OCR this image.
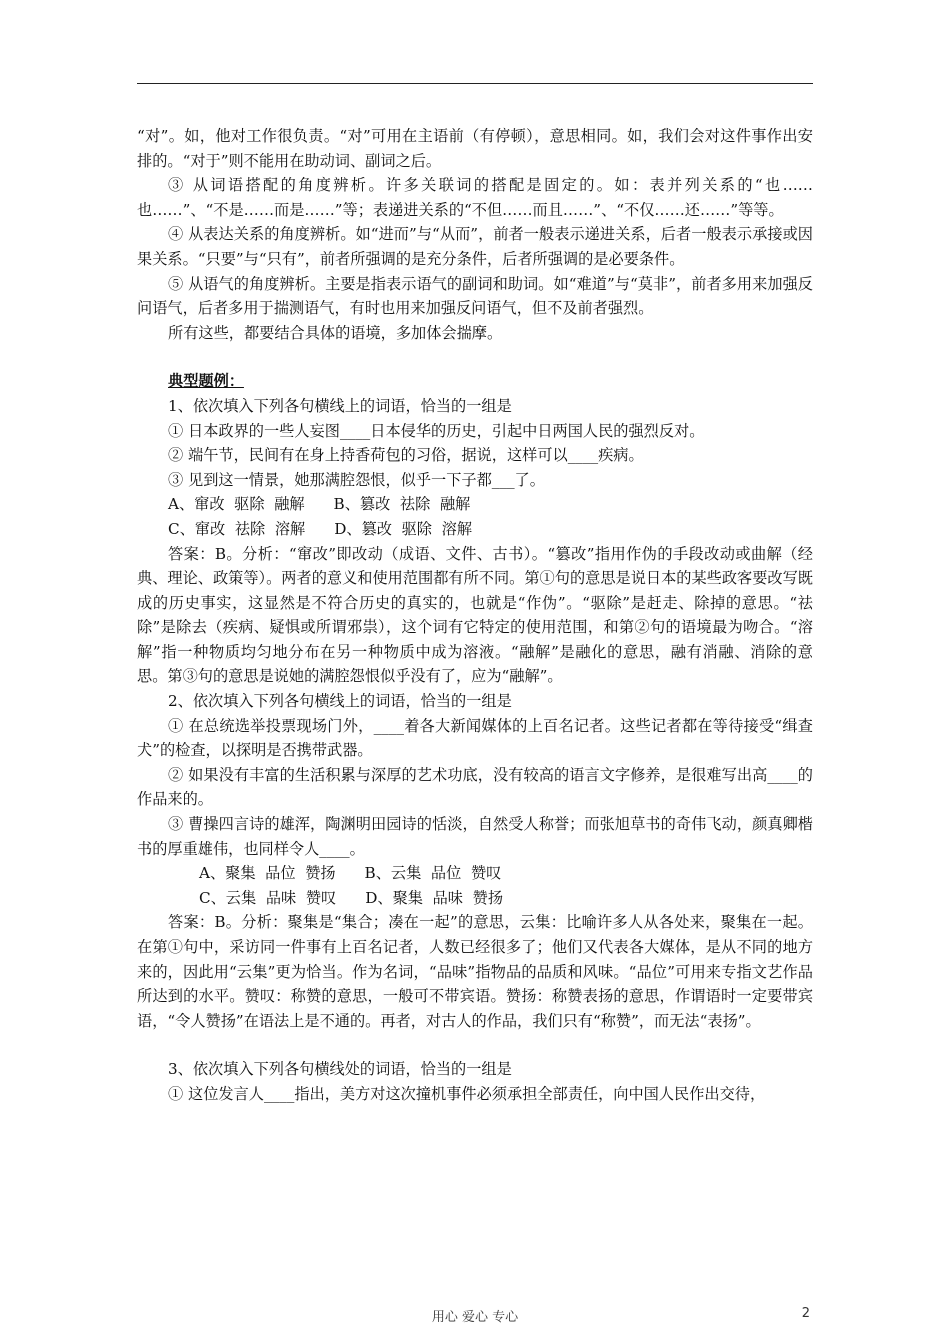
“对”。如，他对工作很负责。“对”可用在主语前（有停顿），意思相同。如，我们会对这件事作出安排的。“对于”则不能用在助动词、副词之后。

③ 从词语搭配的角度辨析。许多关联词的搭配是固定的。如：表并列关系的“也……也……”、“不是……而是……”等；表递进关系的“不但……而且……”、“不仅……还……”等等。

④ 从表达关系的角度辨析。如“进而”与“从而”，前者一般表示递进关系，后者一般表示承接或因果关系。“只要”与“只有”，前者所强调的是充分条件，后者所强调的是必要条件。

⑤ 从语气的角度辨析。主要是指表示语气的副词和助词。如“难道”与“莫非”，前者多用来加强反问语气，后者多用于揣测语气，有时也用来加强反问语气，但不及前者强烈。

所有这些，都要结合具体的语境，多加体会揣摩。

典型题例：

1、依次填入下列各句横线上的词语，恰当的一组是

① 日本政界的一些人妄图____日本侵华的历史，引起中日两国人民的强烈反对。

② 端午节，民间有在身上持香荷包的习俗，据说，这样可以____疾病。

③ 见到这一情景，她那满腔怨恨，似乎一下子都___了。

A、窜改  驱除  融解      B、篡改  祛除  融解

C、窜改  祛除  溶解      D、篡改  驱除  溶解

答案：B。分析：“窜改”即改动（成语、文件、古书）。“篡改”指用作伪的手段改动或曲解（经典、理论、政策等）。两者的意义和使用范围都有所不同。第①句的意思是说日本的某些政客要改写既成的历史事实，这显然是不符合历史的真实的，也就是“作伪”。“驱除”是赶走、除掉的意思。“祛除”是除去（疾病、疑惧或所谓邪祟），这个词有它特定的使用范围，和第②句的语境最为吻合。“溶解”指一种物质均匀地分布在另一种物质中成为溶液。“融解”是融化的意思，融有消融、消除的意思。第③句的意思是说她的满腔怨恨似乎没有了，应为“融解”。

2、依次填入下列各句横线上的词语，恰当的一组是

① 在总统选举投票现场门外，____着各大新闻媒体的上百名记者。这些记者都在等待接受“缉查犬”的检查，以探明是否携带武器。

② 如果没有丰富的生活积累与深厚的艺术功底，没有较高的语言文字修养，是很难写出高____的作品来的。

③ 曹操四言诗的雄浑，陶渊明田园诗的恬淡，自然受人称誉；而张旭草书的奇伟飞动，颜真卿楷书的厚重雄伟，也同样令人____。

A、聚集  品位  赞扬      B、云集  品位  赞叹

C、云集  品味  赞叹      D、聚集  品味  赞扬

答案：B。分析：聚集是“集合；凑在一起”的意思，云集：比喻许多人从各处来，聚集在一起。在第①句中，采访同一件事有上百名记者，人数已经很多了；他们又代表各大媒体，是从不同的地方来的，因此用“云集”更为恰当。作为名词，“品味”指物品的品质和风味。“品位”可用来专指文艺作品所达到的水平。赞叹：称赞的意思，一般可不带宾语。赞扬：称赞表扬的意思，作谓语时一定要带宾语，“令人赞扬”在语法上是不通的。再者，对古人的作品，我们只有“称赞”，而无法“表扬”。

3、依次填入下列各句横线处的词语，恰当的一组是

① 这位发言人____指出，美方对这次撞机事件必须承担全部责任，向中国人民作出交待，

用心 爱心 专心	2
